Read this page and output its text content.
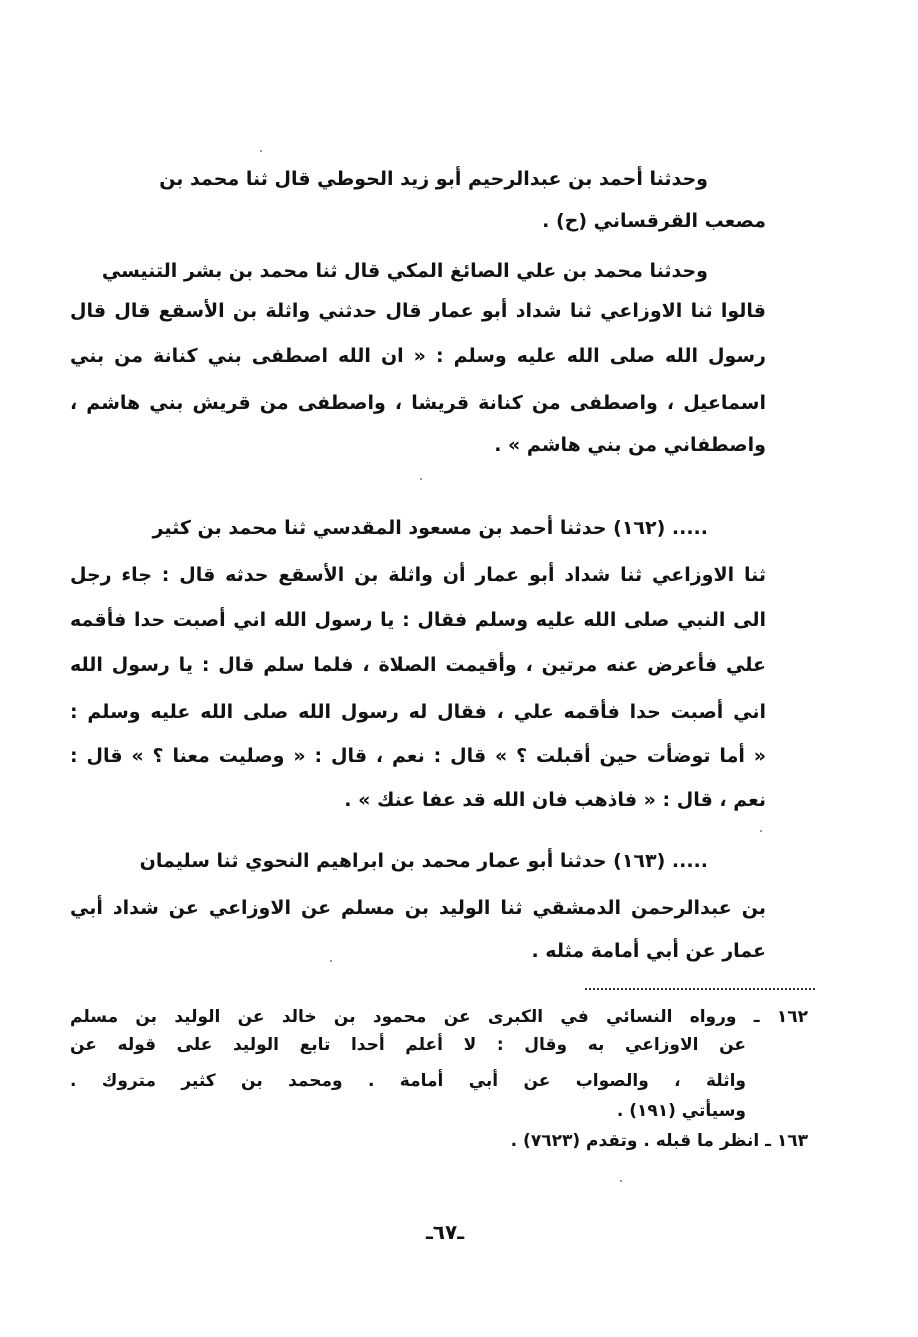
وحدثنا أحمد بن عبدالرحيم أبو زيد الحوطي قال ثنا محمد بن
مصعب القرقساني (ح) .
وحدثنا محمد بن علي الصائغ المكي قال ثنا محمد بن بشر التنيسي
قالوا ثنا الاوزاعي ثنا شداد أبو عمار قال حدثني واثلة بن الأسقع قال قال
رسول الله صلى الله عليه وسلم : « ان الله اصطفى بني كنانة من بني
اسماعيل ، واصطفى من كنانة قريشا ، واصطفى من قريش بني هاشم ،
واصطفاني من بني هاشم » .
..... (١٦٢) حدثنا أحمد بن مسعود المقدسي ثنا محمد بن كثير
ثنا الاوزاعي ثنا شداد أبو عمار أن واثلة بن الأسقع حدثه قال : جاء رجل
الى النبي صلى الله عليه وسلم فقال : يا رسول الله اني أصبت حدا فأقمه
علي فأعرض عنه مرتين ، وأقيمت الصلاة ، فلما سلم قال : يا رسول الله
اني أصبت حدا فأقمه علي ، فقال له رسول الله صلى الله عليه وسلم :
« أما توضأت حين أقبلت ؟ » قال : نعم ، قال : « وصليت معنا ؟ » قال :
نعم ، قال : « فاذهب فان الله قد عفا عنك » .
..... (١٦٣) حدثنا أبو عمار محمد بن ابراهيم النحوي ثنا سليمان
بن عبدالرحمن الدمشقي ثنا الوليد بن مسلم عن الاوزاعي عن شداد أبي
عمار عن أبي أمامة مثله .
١٦٢ ـ ورواه النسائي في الكبرى عن محمود بن خالد عن الوليد بن مسلم
عن الاوزاعي به وقال : لا أعلم أحدا تابع الوليد على قوله عن
واثلة ، والصواب عن أبي أمامة . ومحمد بن كثير متروك .
وسيأتي (١٩١) .
١٦٣ ـ انظر ما قبله . وتقدم (٧٦٢٣) .
ـ٦٧ـ
